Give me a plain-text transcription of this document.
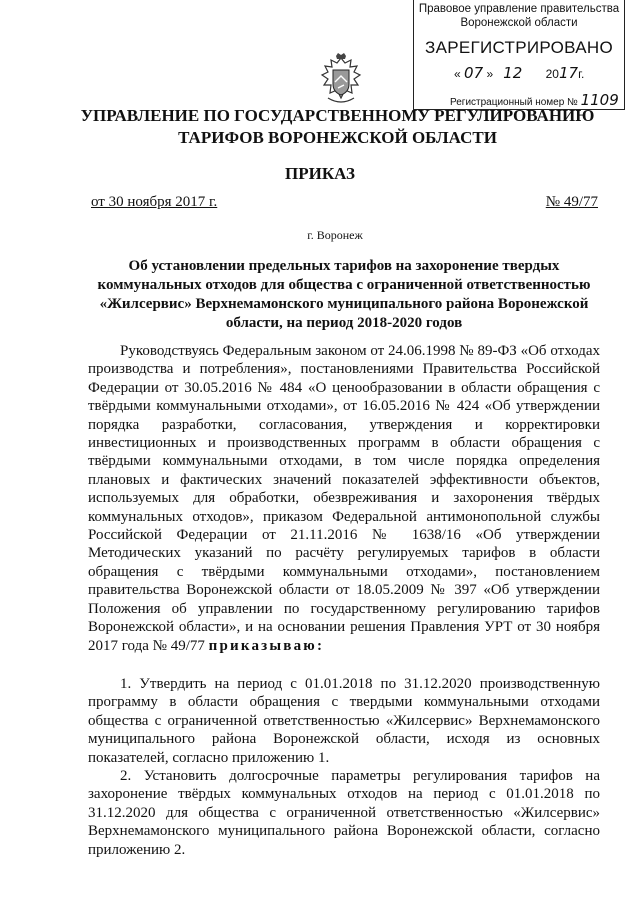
Правовое управление правительства
Воронежской области
ЗАРЕГИСТРИРОВАНО
« 07 » 12 2017г.
Регистрационный номер № 1109
УПРАВЛЕНИЕ ПО ГОСУДАРСТВЕННОМУ РЕГУЛИРОВАНИЮ
ТАРИФОВ ВОРОНЕЖСКОЙ ОБЛАСТИ
ПРИКАЗ
от 30 ноября 2017 г.	№ 49/77
г. Воронеж
Об установлении предельных тарифов на захоронение твердых коммунальных отходов для общества с ограниченной ответственностью «Жилсервис» Верхнемамонского муниципального района Воронежской области, на период 2018-2020 годов

Руководствуясь Федеральным законом от 24.06.1998 № 89-ФЗ «Об отходах производства и потребления», постановлениями Правительства Российской Федерации от 30.05.2016 № 484 «О ценообразовании в области обращения с твёрдыми коммунальными отходами», от 16.05.2016 № 424 «Об утверждении порядка разработки, согласования, утверждения и корректировки инвестиционных и производственных программ в области обращения с твёрдыми коммунальными отходами, в том числе порядка определения плановых и фактических значений показателей эффективности объектов, используемых для обработки, обезвреживания и захоронения твёрдых коммунальных отходов», приказом Федеральной антимонопольной службы Российской Федерации от 21.11.2016 № 1638/16 «Об утверждении Методических указаний по расчёту регулируемых тарифов в области обращения с твёрдыми коммунальными отходами», постановлением правительства Воронежской области от 18.05.2009 № 397 «Об утверждении Положения об управлении по государственному регулированию тарифов Воронежской области», и на основании решения Правления УРТ от 30 ноября 2017 года № 49/77 приказываю:

1. Утвердить на период с 01.01.2018 по 31.12.2020 производственную программу в области обращения с твердыми коммунальными отходами общества с ограниченной ответственностью «Жилсервис» Верхнемамонского муниципального района Воронежской области, исходя из основных показателей, согласно приложению 1.

2. Установить долгосрочные параметры регулирования тарифов на захоронение твёрдых коммунальных отходов на период с 01.01.2018 по 31.12.2020 для общества с ограниченной ответственностью «Жилсервис» Верхнемамонского муниципального района Воронежской области, согласно приложению 2.
